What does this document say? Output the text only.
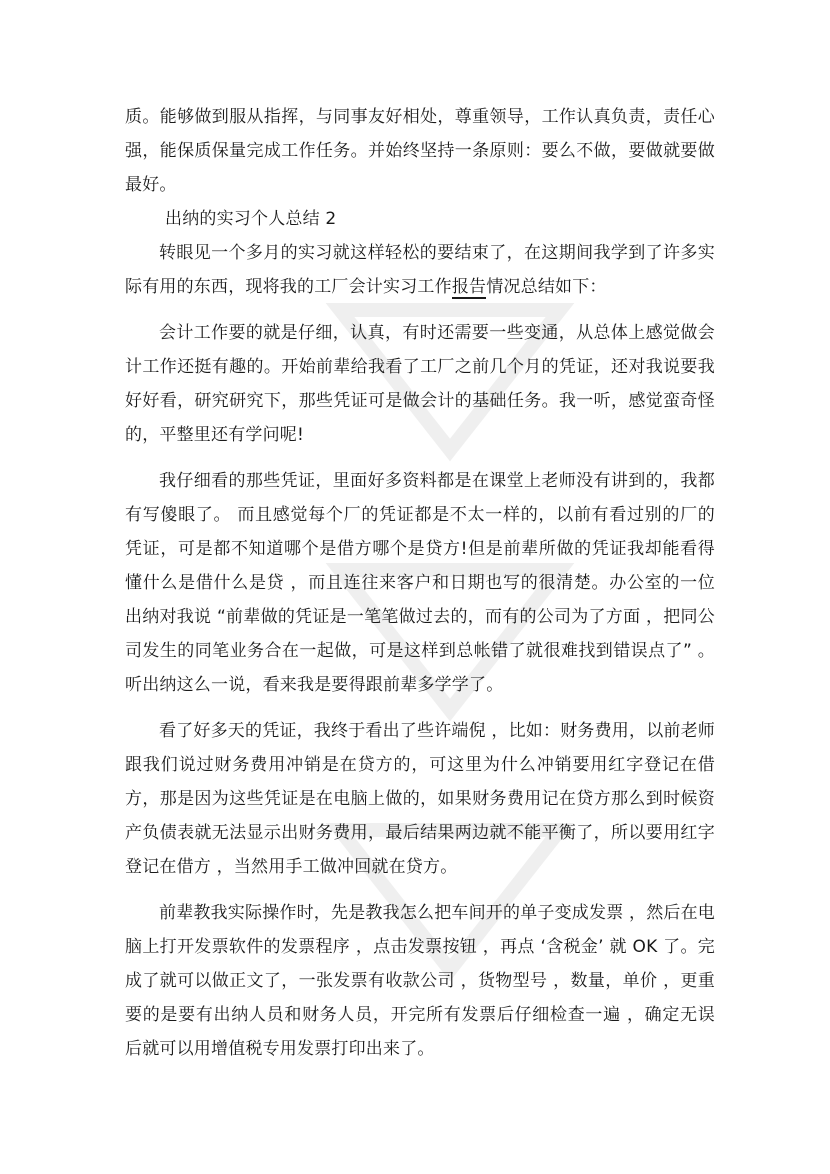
质。能够做到服从指挥，与同事友好相处，尊重领导，工作认真负责，责任心强，能保质保量完成工作任务。并始终坚持一条原则：要么不做，要做就要做最好。

出纳的实习个人总结 2

转眼见一个多月的实习就这样轻松的要结束了，在这期间我学到了许多实际有用的东西，现将我的工厂会计实习工作报告情况总结如下：

会计工作要的就是仔细，认真，有时还需要一些变通，从总体上感觉做会计工作还挺有趣的。开始前辈给我看了工厂之前几个月的凭证，还对我说要我好好看，研究研究下，那些凭证可是做会计的基础任务。我一听，感觉蛮奇怪的，平整里还有学问呢!

我仔细看的那些凭证，里面好多资料都是在课堂上老师没有讲到的，我都有写傻眼了。 而且感觉每个厂的凭证都是不太一样的，以前有看过别的厂的凭证，可是都不知道哪个是借方哪个是贷方!但是前辈所做的凭证我却能看得懂什么是借什么是贷 ，而且连往来客户和日期也写的很清楚。办公室的一位出纳对我说 “前辈做的凭证是一笔笔做过去的，而有的公司为了方面 ，把同公司发生的同笔业务合在一起做，可是这样到总帐错了就很难找到错误点了” 。听出纳这么一说，看来我是要得跟前辈多学学了。

看了好多天的凭证，我终于看出了些许端倪 ，比如：财务费用，以前老师跟我们说过财务费用冲销是在贷方的，可这里为什么冲销要用红字登记在借方，那是因为这些凭证是在电脑上做的，如果财务费用记在贷方那么到时候资产负债表就无法显示出财务费用，最后结果两边就不能平衡了，所以要用红字登记在借方 ，当然用手工做冲回就在贷方。

前辈教我实际操作时，先是教我怎么把车间开的单子变成发票 ，然后在电脑上打开发票软件的发票程序 ，点击发票按钮 ，再点 ‘含税金’ 就 OK 了。完成了就可以做正文了，一张发票有收款公司 ，货物型号 ，数量，单价 ，更重要的是要有出纳人员和财务人员，开完所有发票后仔细检查一遍 ，确定无误后就可以用增值税专用发票打印出来了。
